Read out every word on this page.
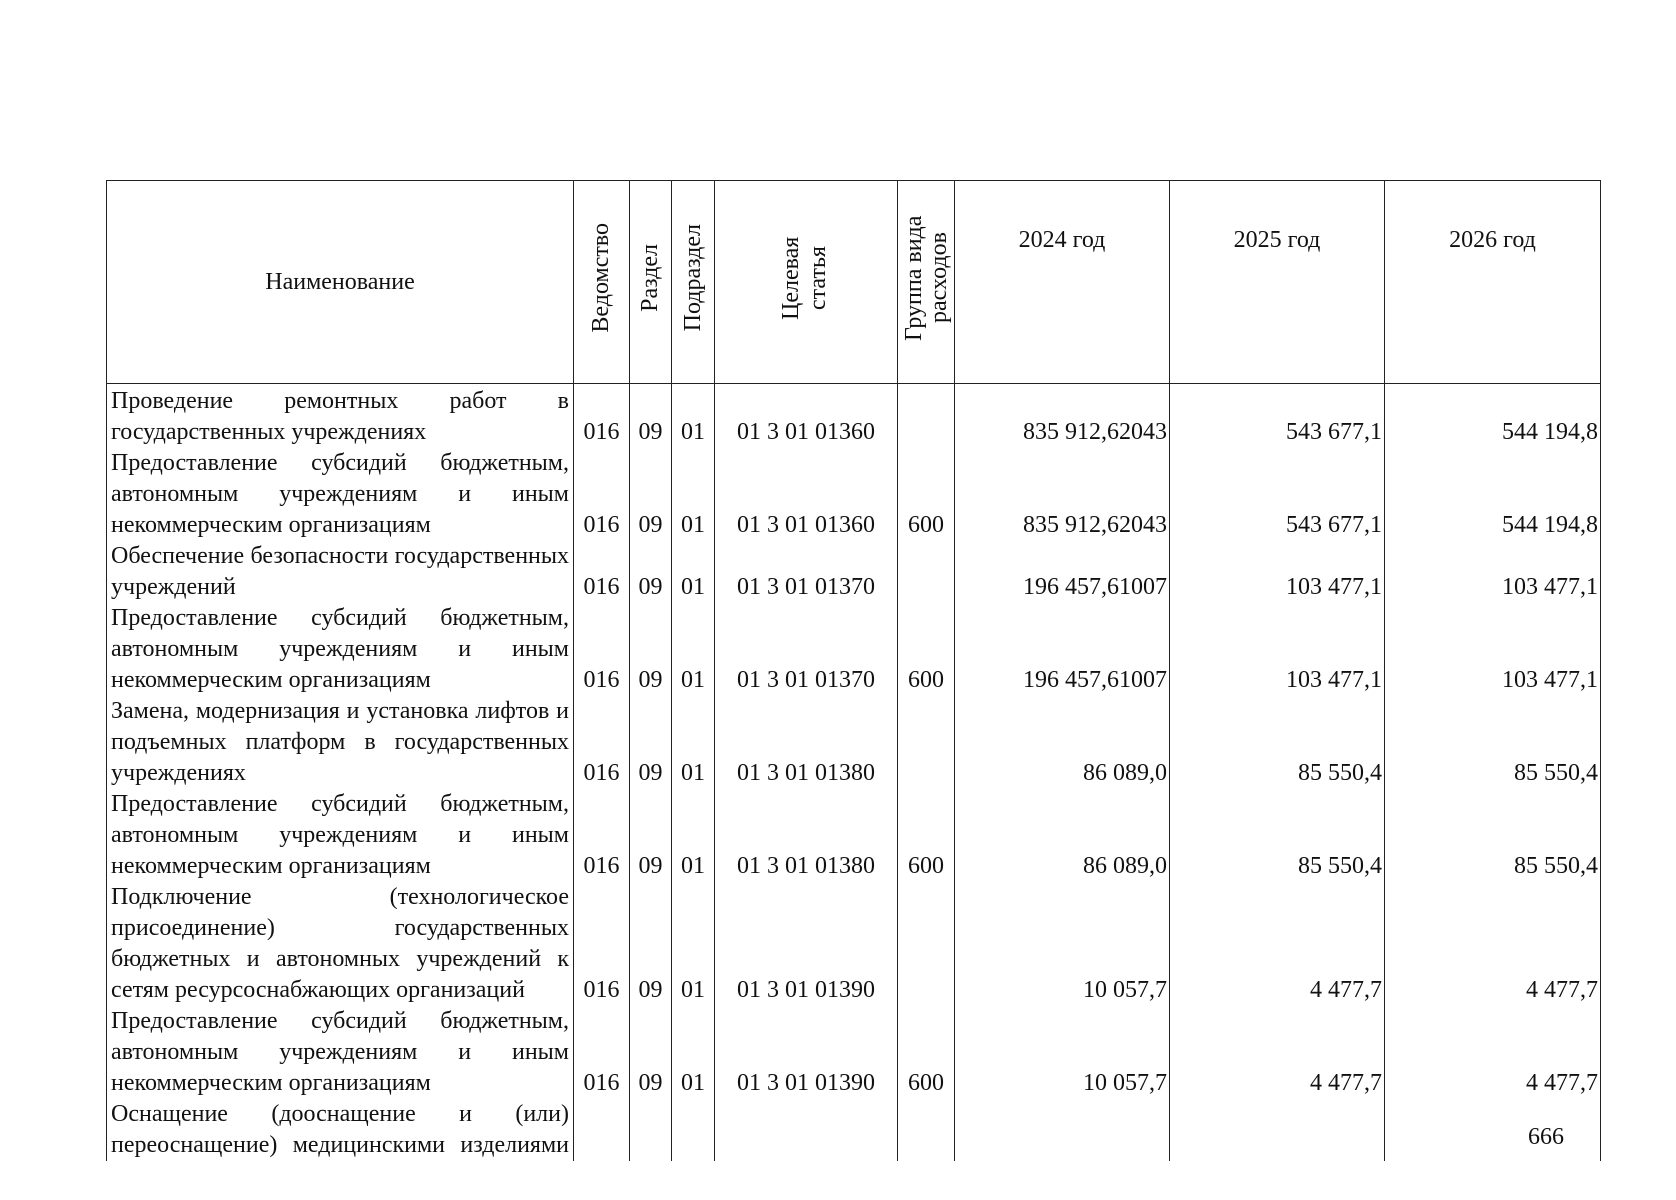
Наименование	Ведомство	Раздел	Подраздел	Целевая статья	Группа вида расходов	2024 год	2025 год	2026 год
Проведение ремонтных работ в государственных учреждениях	016	09	01	01 3 01 01360		835 912,62043	543 677,1	544 194,8
Предоставление субсидий бюджетным, автономным учреждениям и иным некоммерческим организациям	016	09	01	01 3 01 01360	600	835 912,62043	543 677,1	544 194,8
Обеспечение безопасности государственных учреждений	016	09	01	01 3 01 01370		196 457,61007	103 477,1	103 477,1
Предоставление субсидий бюджетным, автономным учреждениям и иным некоммерческим организациям	016	09	01	01 3 01 01370	600	196 457,61007	103 477,1	103 477,1
Замена, модернизация и установка лифтов и подъемных платформ в государственных учреждениях	016	09	01	01 3 01 01380		86 089,0	85 550,4	85 550,4
Предоставление субсидий бюджетным, автономным учреждениям и иным некоммерческим организациям	016	09	01	01 3 01 01380	600	86 089,0	85 550,4	85 550,4
Подключение (технологическое присоединение) государственных бюджетных и автономных учреждений к сетям ресурсоснабжающих организаций	016	09	01	01 3 01 01390		10 057,7	4 477,7	4 477,7
Предоставление субсидий бюджетным, автономным учреждениям и иным некоммерческим организациям	016	09	01	01 3 01 01390	600	10 057,7	4 477,7	4 477,7
Оснащение (дооснащение и (или) переоснащение) медицинскими изделиями									666
